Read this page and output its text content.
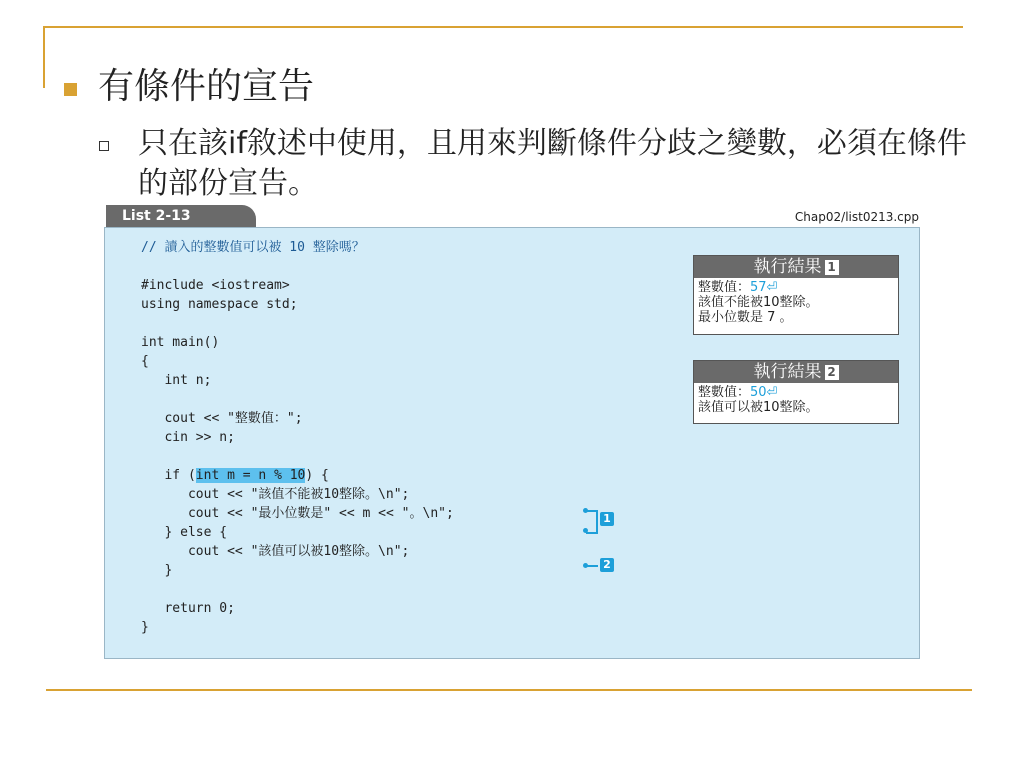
有條件的宣告
只在該if敘述中使用，且用來判斷條件分歧之變數，必須在條件的部份宣告。
List 2-13	Chap02/list0213.cpp
// 讀入的整數值可以被 10 整除嗎？

#include <iostream>
using namespace std;

int main()
{
int n;

cout << "整數值：";
cin >> n;

if (int m = n % 10) {
cout << "該值不能被10整除。\n";
cout << "最小位數是" << m << "。\n";
} else {
cout << "該值可以被10整除。\n";
}

return 0;
}
1
2
執行結果 1
整數值：57⏎
該值不能被10整除。
最小位數是 7 。
執行結果 2
整數值：50⏎
該值可以被10整除。
